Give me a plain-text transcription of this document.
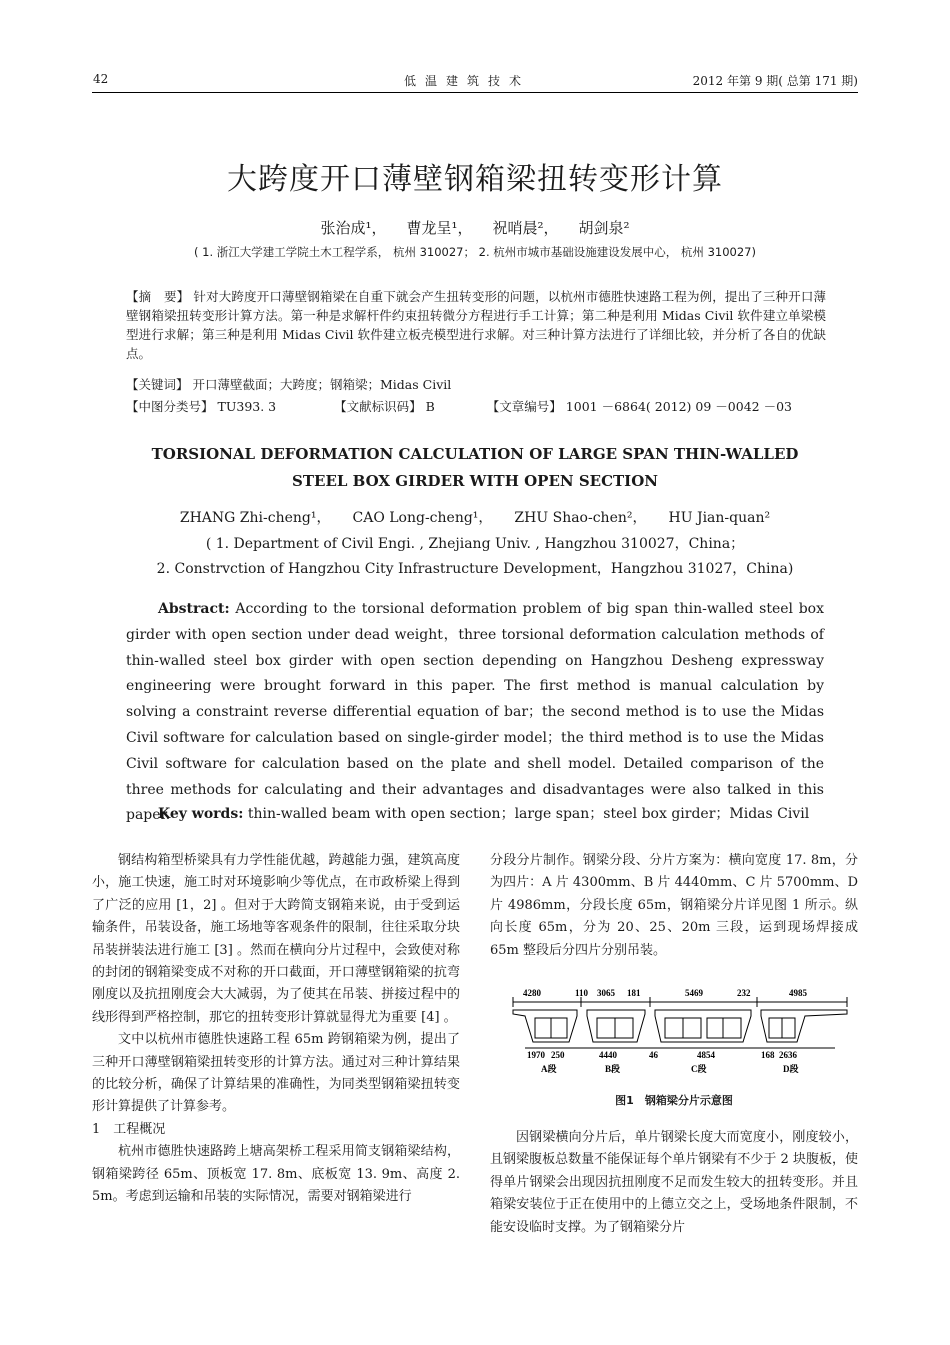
42	低温建筑技术	2012 年第 9 期( 总第 171 期)
大跨度开口薄壁钢箱梁扭转变形计算
张治成¹， 曹龙呈¹， 祝哨晨²， 胡剑泉²
( 1. 浙江大学建工学院土木工程学系， 杭州 310027； 2. 杭州市城市基础设施建设发展中心， 杭州 310027)
【摘　要】 针对大跨度开口薄壁钢箱梁在自重下就会产生扭转变形的问题，以杭州市德胜快速路工程为例，提出了三种开口薄壁钢箱梁扭转变形计算方法。第一种是求解杆件约束扭转微分方程进行手工计算；第二种是利用 Midas Civil 软件建立单梁模型进行求解；第三种是利用 Midas Civil 软件建立板壳模型进行求解。对三种计算方法进行了详细比较，并分析了各自的优缺点。
【关键词】 开口薄壁截面；大跨度；钢箱梁；Midas Civil
【中图分类号】 TU393. 3	【文献标识码】 B	【文章编号】 1001 －6864( 2012) 09 －0042 －03
TORSIONAL DEFORMATION CALCULATION OF LARGE SPAN THIN-WALLED
STEEL BOX GIRDER WITH OPEN SECTION
ZHANG Zhi-cheng¹， CAO Long-cheng¹， ZHU Shao-chen²， HU Jian-quan²
( 1. Department of Civil Engi. , Zhejiang Univ. , Hangzhou 310027，China；
2. Constrvction of Hangzhou City Infrastructure Development，Hangzhou 31027，China)
Abstract: According to the torsional deformation problem of big span thin-walled steel box girder with open section under dead weight，three torsional deformation calculation methods of thin-walled steel box girder with open section depending on Hangzhou Desheng expressway engineering were brought forward in this paper. The first method is manual calculation by solving a constraint reverse differential equation of bar；the second method is to use the Midas Civil software for calculation based on single-girder model；the third method is to use the Midas Civil software for calculation based on the plate and shell model. Detailed comparison of the three methods for calculating and their advantages and disadvantages were also talked in this paper.
Key words: thin-walled beam with open section；large span；steel box girder；Midas Civil

钢结构箱型桥梁具有力学性能优越，跨越能力强，建筑高度小，施工快速，施工时对环境影响少等优点，在市政桥梁上得到了广泛的应用 [1，2] 。但对于大跨简支钢箱来说，由于受到运输条件，吊装设备，施工场地等客观条件的限制，往往采取分块吊装拼装法进行施工 [3] 。然而在横向分片过程中，会致使对称的封闭的钢箱梁变成不对称的开口截面，开口薄壁钢箱梁的抗弯刚度以及抗扭刚度会大大减弱，为了使其在吊装、拼接过程中的线形得到严格控制，那它的扭转变形计算就显得尤为重要 [4] 。

文中以杭州市德胜快速路工程 65m 跨钢箱梁为例，提出了三种开口薄壁钢箱梁扭转变形的计算方法。通过对三种计算结果的比较分析，确保了计算结果的准确性，为同类型钢箱梁扭转变形计算提供了计算参考。

1　工程概况

杭州市德胜快速路跨上塘高架桥工程采用简支钢箱梁结构，钢箱梁跨径 65m、顶板宽 17. 8m、底板宽 13. 9m、高度 2. 5m。考虑到运输和吊装的实际情况，需要对钢箱梁进行

分段分片制作。钢梁分段、分片方案为：横向宽度 17. 8m，分为四片：A 片 4300mm、B 片 4440mm、C 片 5700mm、D 片 4986mm，分段长度 65m，钢箱梁分片详见图 1 所示。纵向长度 65m，分为 20、25、20m 三段，运到现场焊接成 65m 整段后分四片分别吊装。

4280	110 3065 181	5469	232	4985
1970 250	4440	46	4854	168 2636
A段	B段	C段	D段
图1　钢箱梁分片示意图

因钢梁横向分片后，单片钢梁长度大而宽度小，刚度较小，且钢梁腹板总数量不能保证每个单片钢梁有不少于 2 块腹板，使得单片钢梁会出现因抗扭刚度不足而发生较大的扭转变形。并且箱梁安装位于正在使用中的上德立交之上，受场地条件限制，不能安设临时支撑。为了钢箱梁分片
